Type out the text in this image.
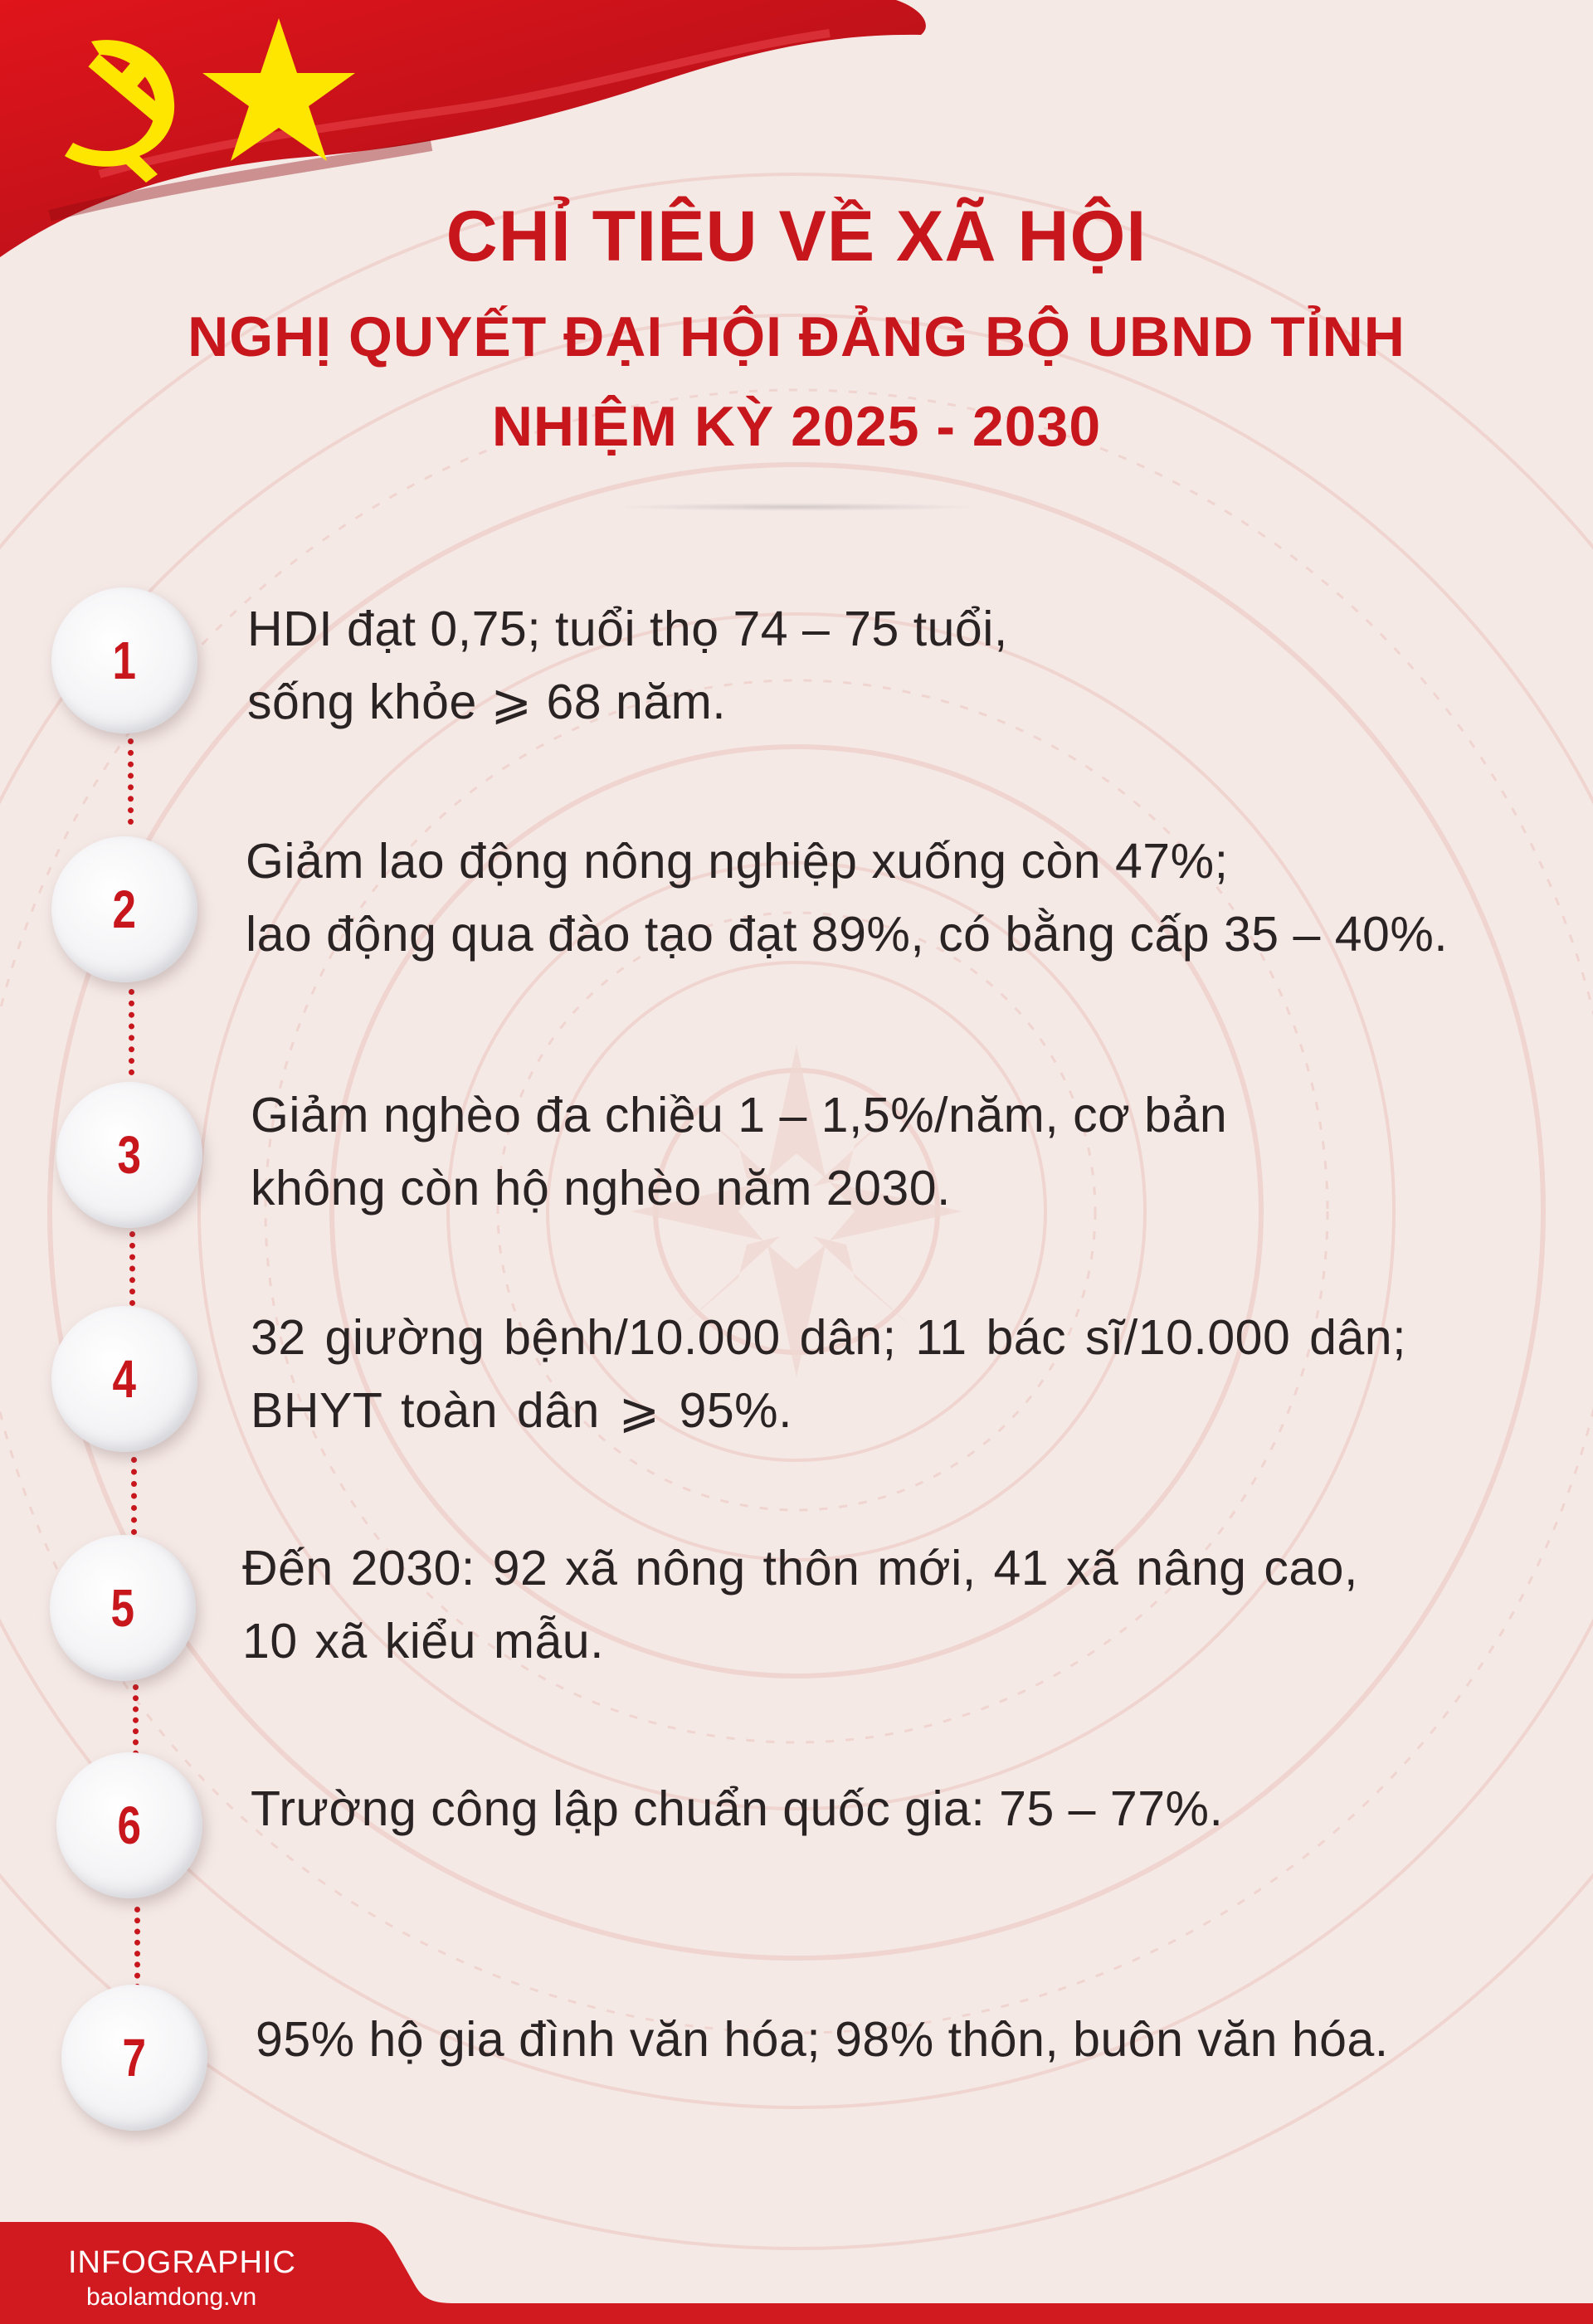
CHỈ TIÊU VỀ XÃ HỘI
NGHỊ QUYẾT ĐẠI HỘI ĐẢNG BỘ UBND TỈNH
NHIỆM KỲ 2025 - 2030
1
HDI đạt 0,75; tuổi thọ 74 – 75 tuổi,
sống khỏe ⩾ 68 năm.
2
Giảm lao động nông nghiệp xuống còn 47%;
lao động qua đào tạo đạt 89%, có bằng cấp 35 – 40%.
3
Giảm nghèo đa chiều 1 – 1,5%/năm, cơ bản
không còn hộ nghèo năm 2030.
4
32 giường bệnh/10.000 dân; 11 bác sĩ/10.000 dân;
BHYT toàn dân ⩾ 95%.
5
Đến 2030: 92 xã nông thôn mới, 41 xã nâng cao,
10 xã kiểu mẫu.
6 Trường công lập chuẩn quốc gia: 75 – 77%.
7 95% hộ gia đình văn hóa; 98% thôn, buôn văn hóa.
INFOGRAPHIC
baolamdong.vn
